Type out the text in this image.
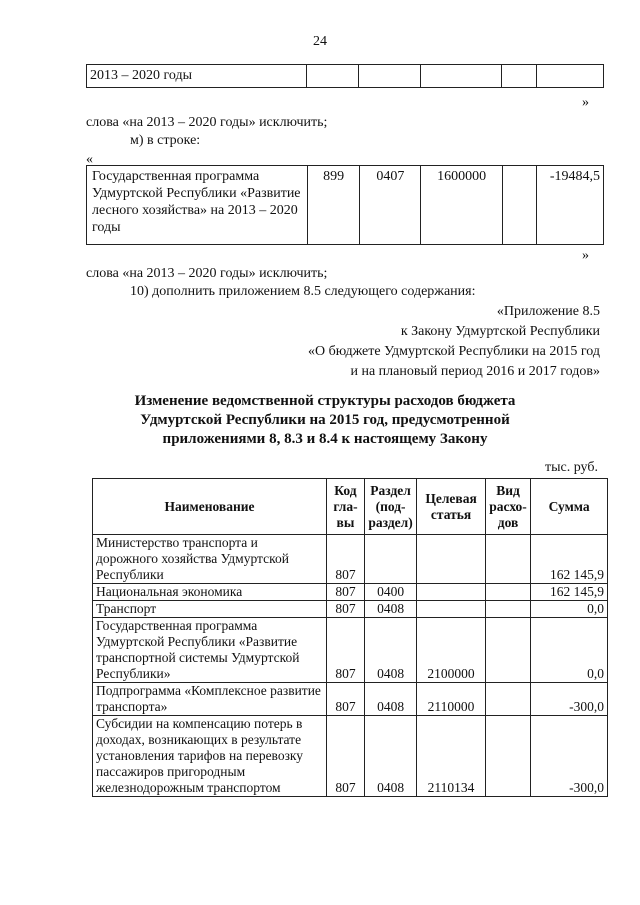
24
2013 – 2020 годы					
»
слова «на 2013 – 2020 годы» исключить;
м) в строке:
«
Государственная программа Удмуртской Республики «Развитие лесного хозяйства» на 2013 – 2020 годы	899	0407	1600000		-19484,5
»
слова «на 2013 – 2020 годы» исключить;
10) дополнить приложением 8.5 следующего содержания:
«Приложение 8.5
к Закону Удмуртской Республики
«О бюджете Удмуртской Республики на 2015 год
и на плановый период 2016 и 2017 годов»
Изменение ведомственной структуры расходов бюджета Удмуртской Республики на 2015 год, предусмотренной приложениями 8, 8.3 и 8.4 к настоящему Закону
тыс. руб.
Наименование	Код гла- вы	Раздел (под- раздел)	Целевая статья	Вид расхо- дов	Сумма
Министерство транспорта и дорожного хозяйства Удмуртской Республики	807				162 145,9
Национальная экономика	807	0400			162 145,9
Транспорт	807	0408			0,0
Государственная программа Удмуртской Республики «Развитие транспортной системы Удмуртской Республики»	807	0408	2100000		0,0
Подпрограмма «Комплексное развитие транспорта»	807	0408	2110000		-300,0
Субсидии на компенсацию потерь в доходах, возникающих в результате установления тарифов на перевозку пассажиров пригородным железнодорожным транспортом	807	0408	2110134		-300,0
